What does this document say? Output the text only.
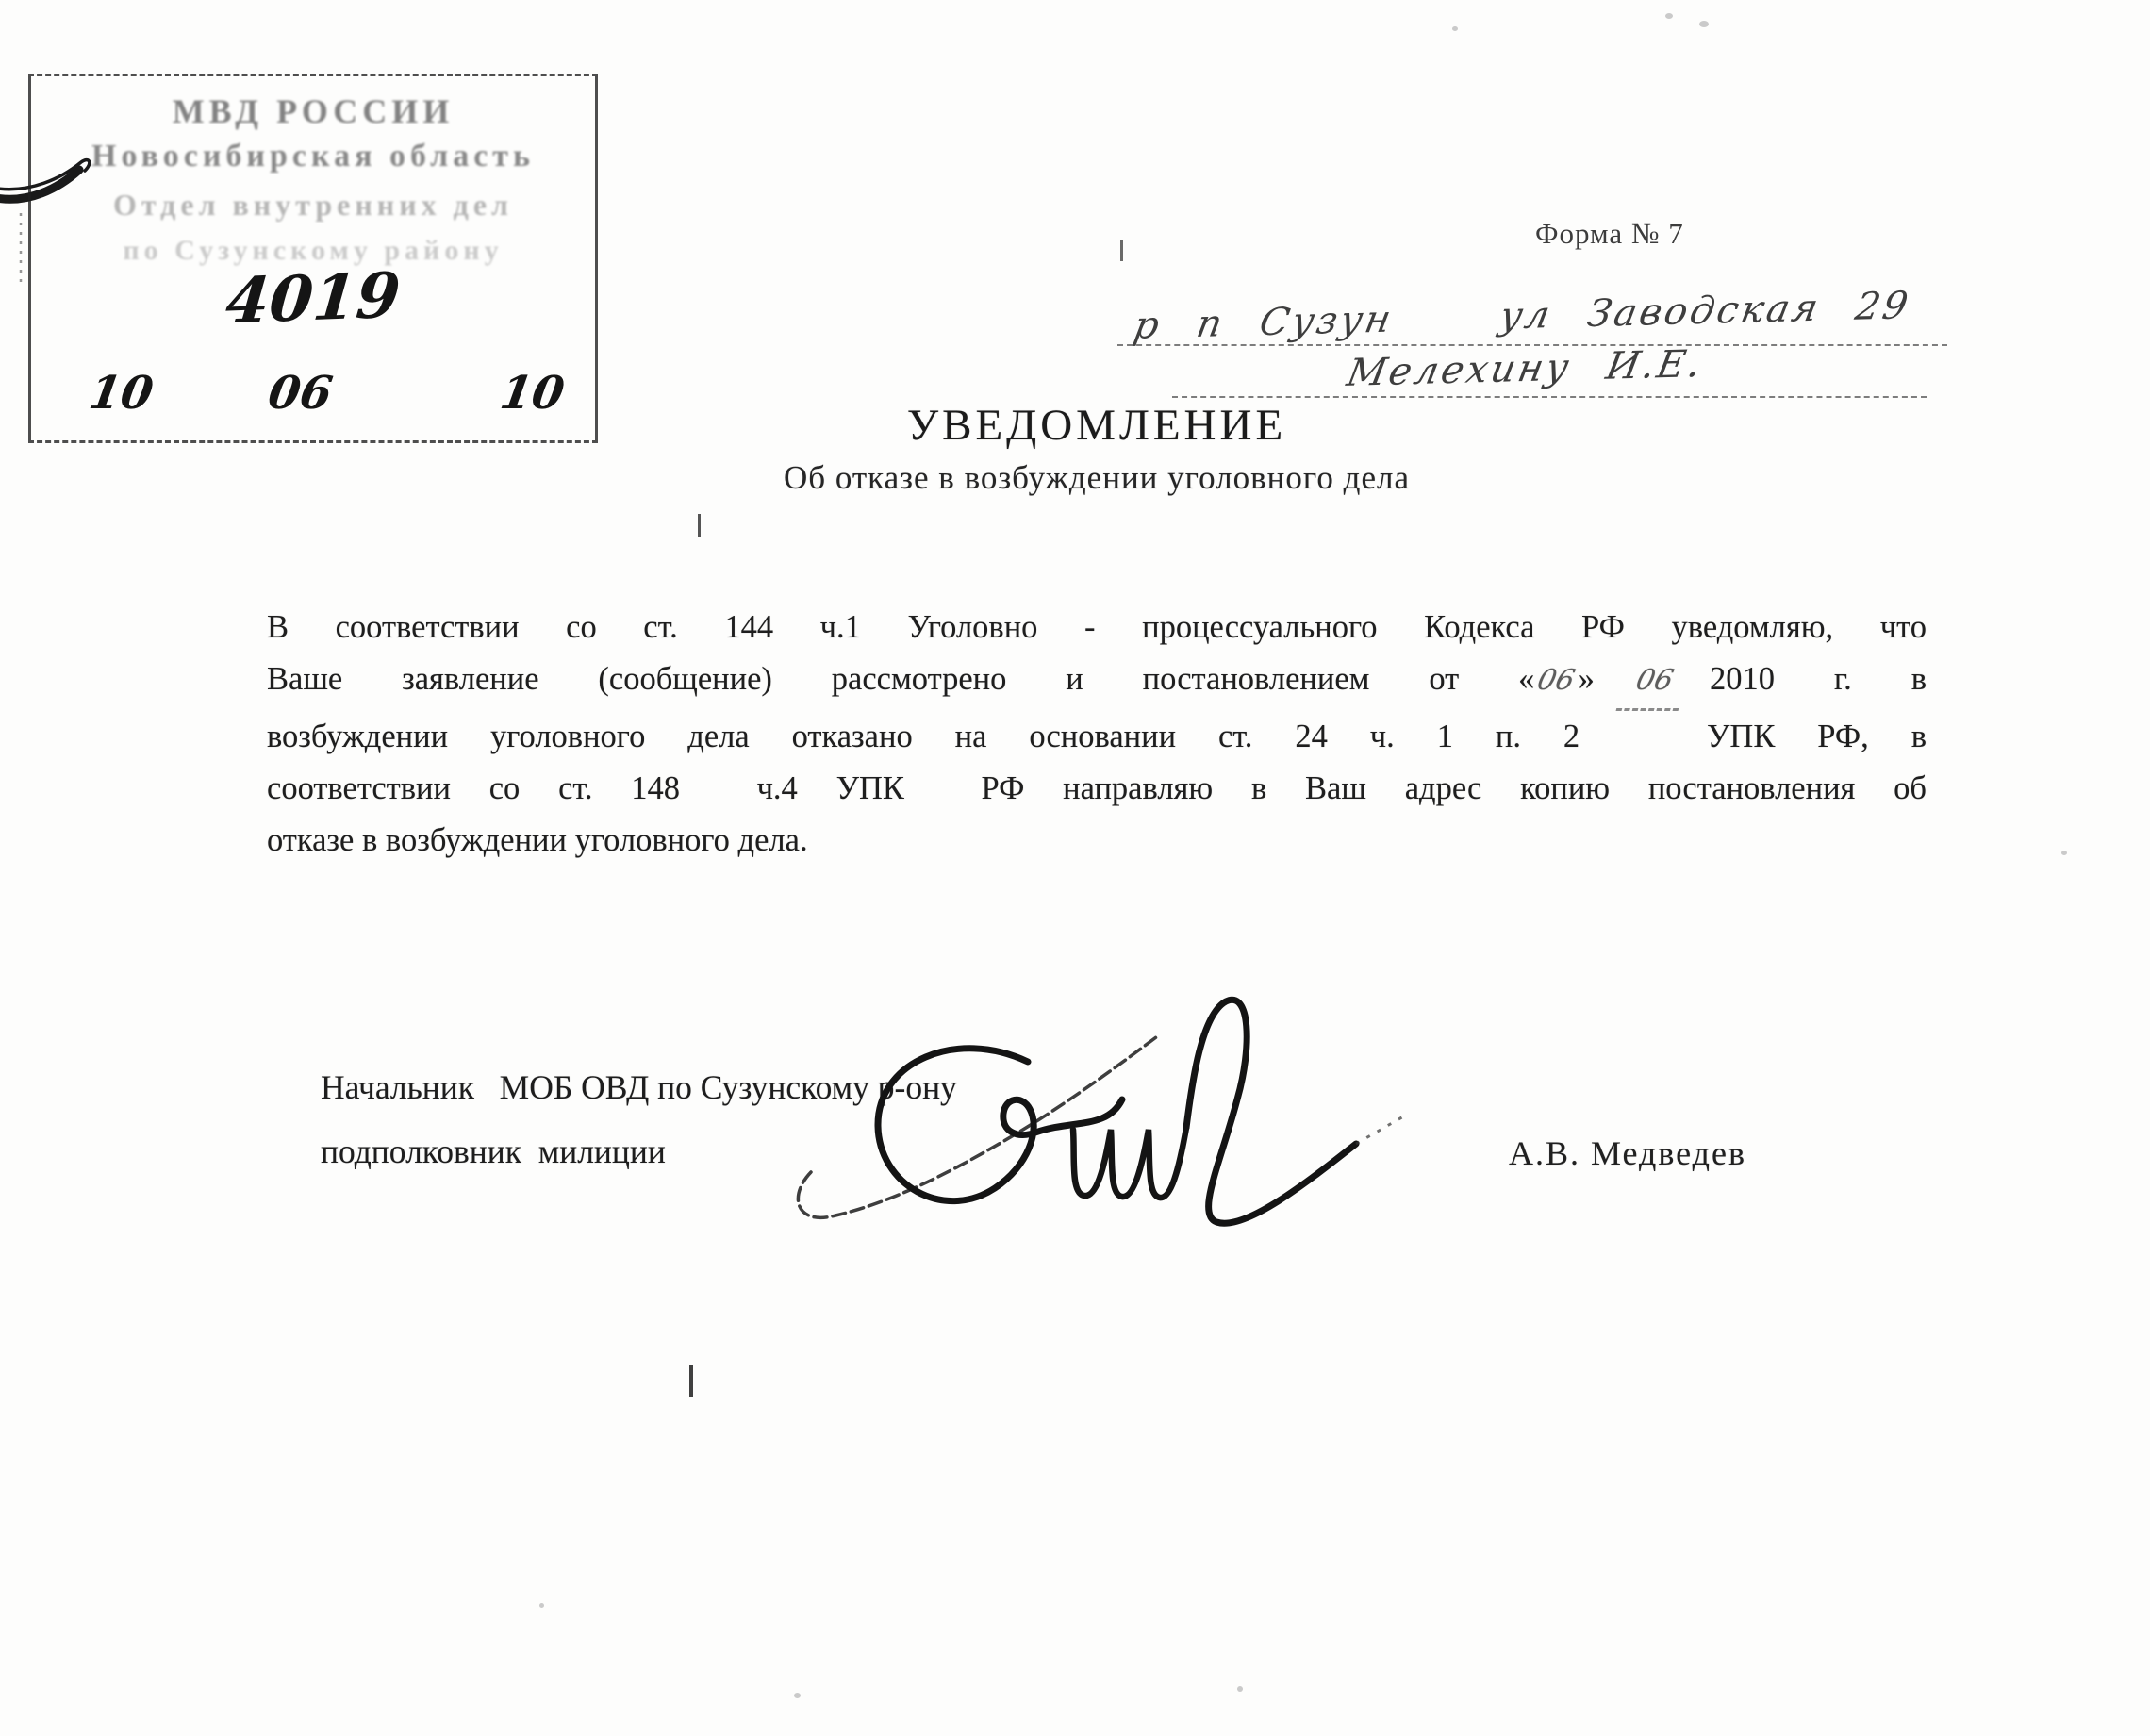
МВД РОССИИ
Новосибирская область
Отдел внутренних дел
по Сузунскому району
4019
10 06	10
Форма № 7
р п Сузун   ул Заводская 29
Мелехину И.Е.
УВЕДОМЛЕНИЕ
Об отказе в возбуждении уголовного дела
В соответствии со ст. 144 ч.1 Уголовно - процессуального Кодекса РФ уведомляю, что
Ваше заявление (сообщение) рассмотрено и постановлением от «06» 06 2010 г. в
возбуждении уголовного дела отказано на основании ст. 24 ч. 1 п. 2   УПК РФ, в
соответствии со ст. 148  ч.4 УПК  РФ направляю в Ваш адрес копию постановления об
отказе в возбуждении уголовного дела.
Начальник   МОБ ОВД по Сузунскому р-ону
подполковник  милиции	А.В. Медведев
